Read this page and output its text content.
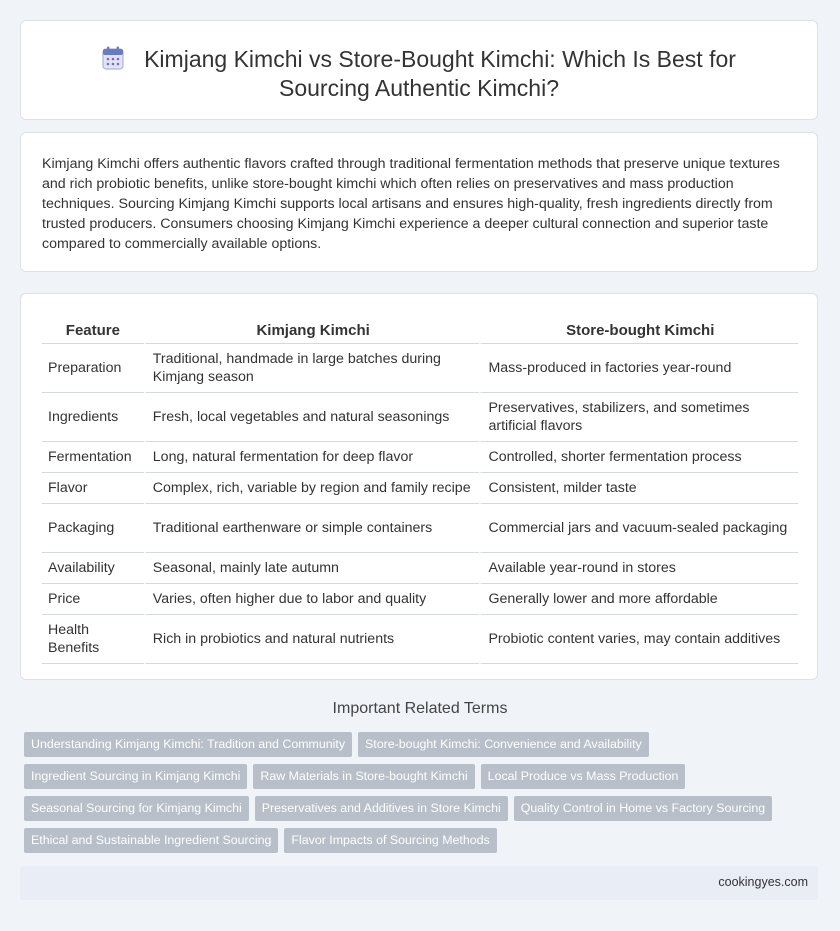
Kimjang Kimchi vs Store-Bought Kimchi: Which Is Best for
Sourcing Authentic Kimchi?

Kimjang Kimchi offers authentic flavors crafted through traditional fermentation methods that preserve unique textures and rich probiotic benefits, unlike store-bought kimchi which often relies on preservatives and mass production techniques. Sourcing Kimjang Kimchi supports local artisans and ensures high-quality, fresh ingredients directly from trusted producers. Consumers choosing Kimjang Kimchi experience a deeper cultural connection and superior taste compared to commercially available options.

Feature	Kimjang Kimchi	Store-bought Kimchi
Preparation	Traditional, handmade in large batches during Kimjang season	Mass-produced in factories year-round
Ingredients	Fresh, local vegetables and natural seasonings	Preservatives, stabilizers, and sometimes artificial flavors
Fermentation	Long, natural fermentation for deep flavor	Controlled, shorter fermentation process
Flavor	Complex, rich, variable by region and family recipe	Consistent, milder taste
Packaging	Traditional earthenware or simple containers	Commercial jars and vacuum-sealed packaging
Availability	Seasonal, mainly late autumn	Available year-round in stores
Price	Varies, often higher due to labor and quality	Generally lower and more affordable
Health Benefits	Rich in probiotics and natural nutrients	Probiotic content varies, may contain additives
Important Related Terms
Understanding Kimjang Kimchi: Tradition and Community Store-bought Kimchi: Convenience and Availability
Ingredient Sourcing in Kimjang Kimchi Raw Materials in Store-bought Kimchi Local Produce vs Mass Production
Seasonal Sourcing for Kimjang Kimchi Preservatives and Additives in Store Kimchi Quality Control in Home vs Factory Sourcing
Ethical and Sustainable Ingredient Sourcing Flavor Impacts of Sourcing Methods
cookingyes.com
